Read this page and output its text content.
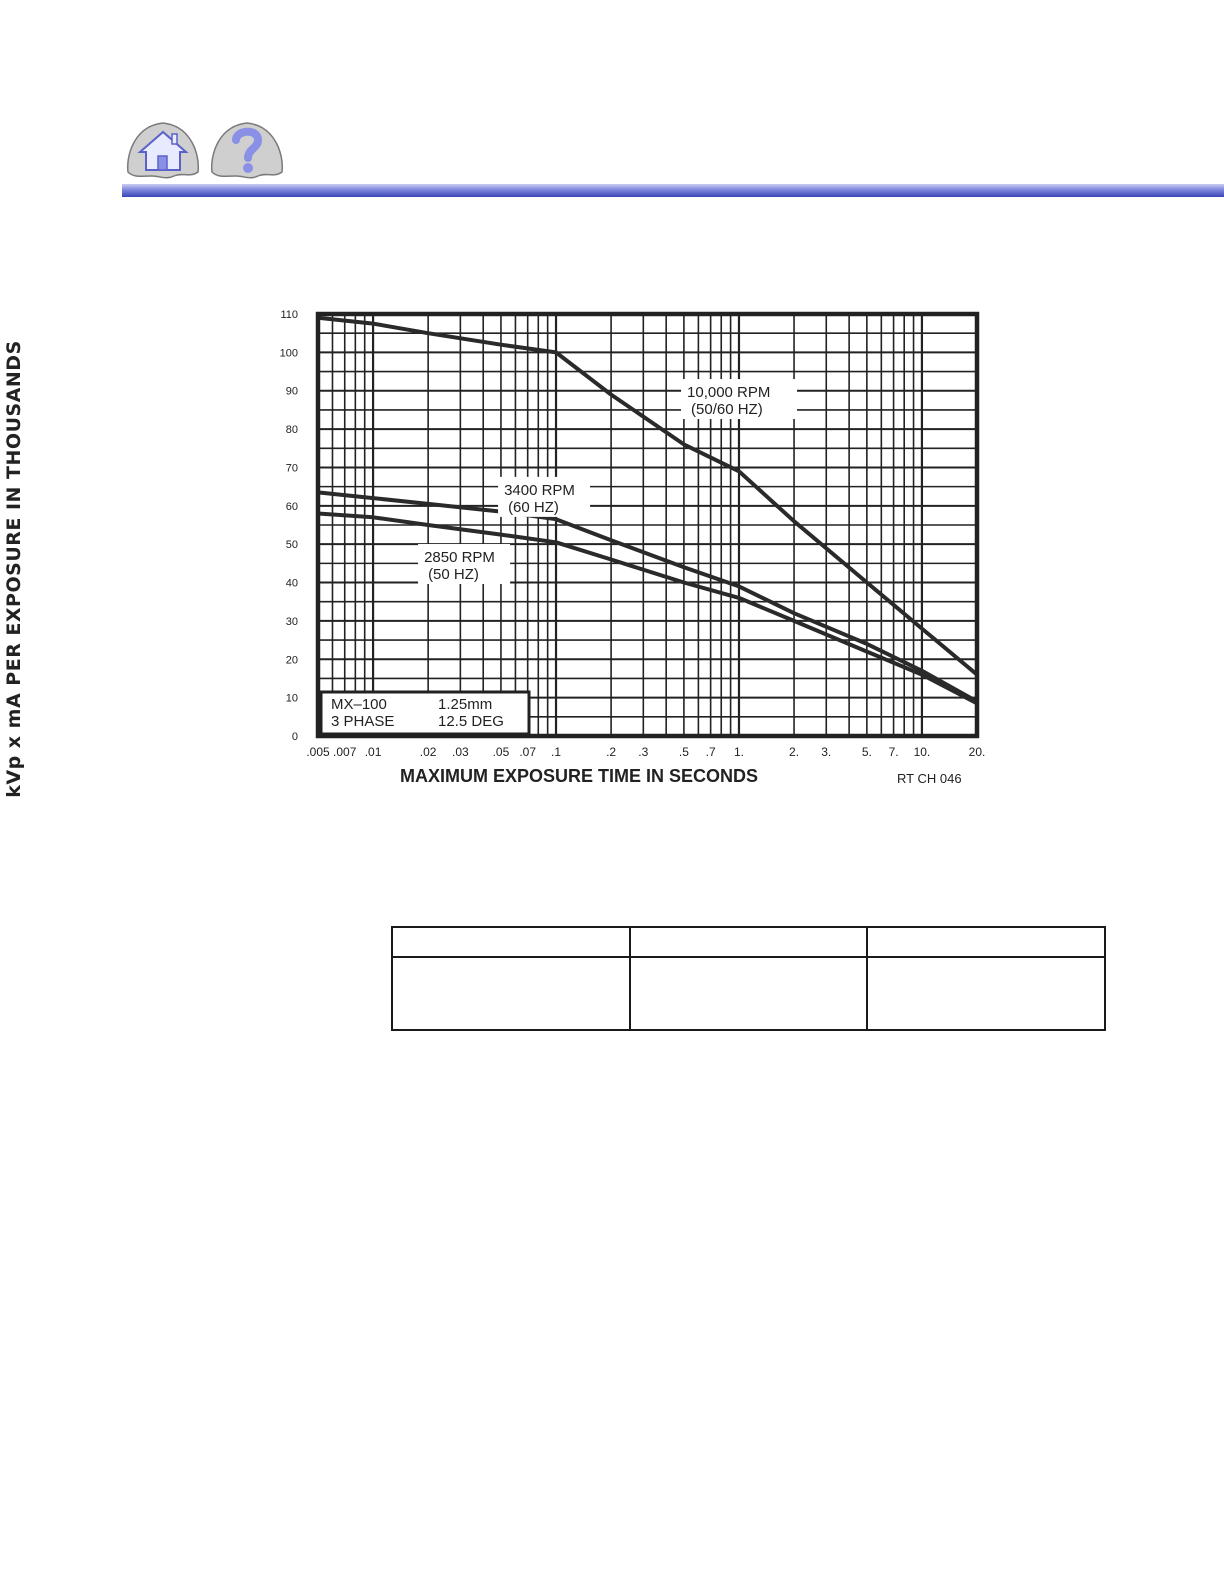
10,000 RPM
(50/60 HZ)
3400 RPM
(60 HZ)
2850 RPM
(50 HZ)
MX–100	1.25mm
3 PHASE	12.5 DEG
0
10
20
30
40
50
60
70
80
90
100
110
.005 .007 .01	.02 .03 .05 .07 .1	.2 .3	.5 .7 1.	2. 3.	5. 7. 10.	20.
kVp x mA PER EXPOSURE IN THOUSANDS	MAXIMUM EXPOSURE TIME IN SECONDS	RT CH 046
